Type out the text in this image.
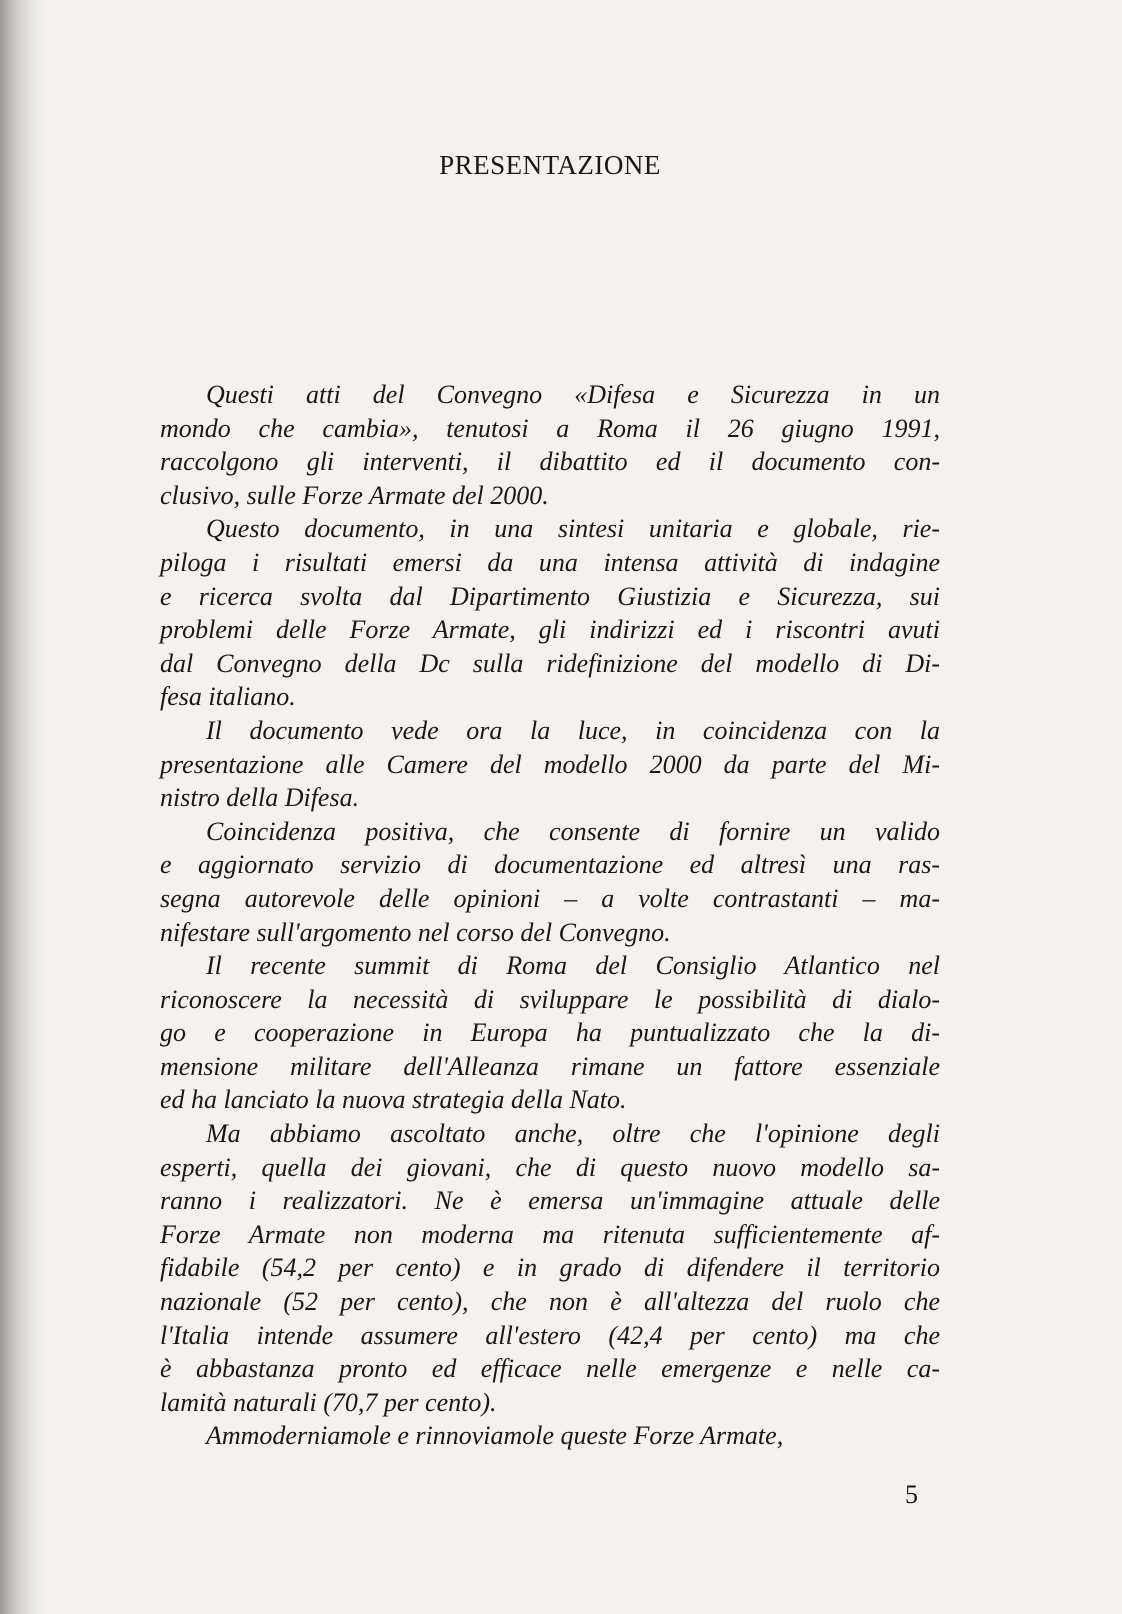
PRESENTAZIONE
Questi atti del Convegno «Difesa e Sicurezza in un
mondo che cambia», tenutosi a Roma il 26 giugno 1991,
raccolgono gli interventi, il dibattito ed il documento con-
clusivo, sulle Forze Armate del 2000.
Questo documento, in una sintesi unitaria e globale, rie-
piloga i risultati emersi da una intensa attività di indagine
e ricerca svolta dal Dipartimento Giustizia e Sicurezza, sui
problemi delle Forze Armate, gli indirizzi ed i riscontri avuti
dal Convegno della Dc sulla ridefinizione del modello di Di-
fesa italiano.
Il documento vede ora la luce, in coincidenza con la
presentazione alle Camere del modello 2000 da parte del Mi-
nistro della Difesa.
Coincidenza positiva, che consente di fornire un valido
e aggiornato servizio di documentazione ed altresì una ras-
segna autorevole delle opinioni – a volte contrastanti – ma-
nifestare sull'argomento nel corso del Convegno.
Il recente summit di Roma del Consiglio Atlantico nel
riconoscere la necessità di sviluppare le possibilità di dialo-
go e cooperazione in Europa ha puntualizzato che la di-
mensione militare dell'Alleanza rimane un fattore essenziale
ed ha lanciato la nuova strategia della Nato.
Ma abbiamo ascoltato anche, oltre che l'opinione degli
esperti, quella dei giovani, che di questo nuovo modello sa-
ranno i realizzatori. Ne è emersa un'immagine attuale delle
Forze Armate non moderna ma ritenuta sufficientemente af-
fidabile (54,2 per cento) e in grado di difendere il territorio
nazionale (52 per cento), che non è all'altezza del ruolo che
l'Italia intende assumere all'estero (42,4 per cento) ma che
è abbastanza pronto ed efficace nelle emergenze e nelle ca-
lamità naturali (70,7 per cento).
Ammoderniamole e rinnoviamole queste Forze Armate,
5
